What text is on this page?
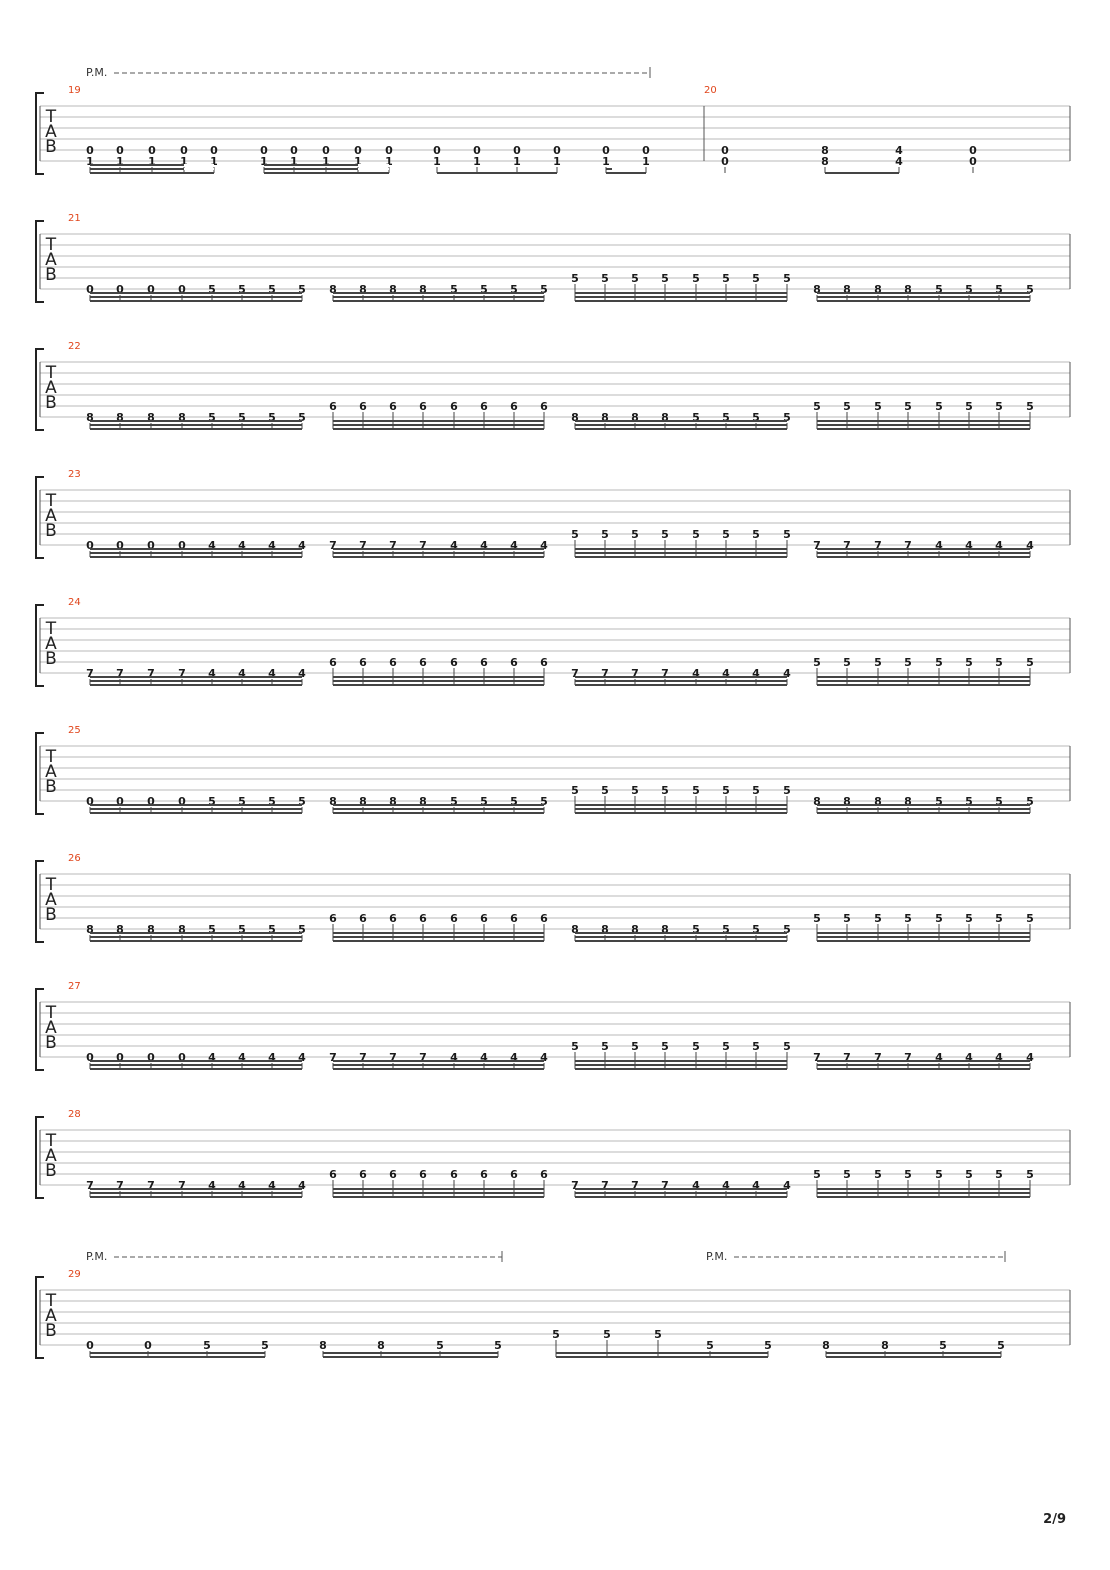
2/9
T
A
B
19	20
P.M.
0
1
0
1
0
1
0
1
0
1
0
1
0
1
0
1
0
1
0
1
0
1
0
1
0
1
0
1
0
1
0
1
0
0
8
8
4
4
0
0
T
A
B
21
0 0 0 0 5 5 5 5 8 8 8 8 5 5 5 5
5 5 5 5 5 5 5 5
8 8 8 8 5 5 5 5
T
A
B
22
8 8 8 8 5 5 5 5
6 6 6 6 6 6 6 6
8 8 8 8 5 5 5 5
5 5 5 5 5 5 5 5
T
A
B
23
0 0 0 0 4 4 4 4 7 7 7 7 4 4 4 4
5 5 5 5 5 5 5 5
7 7 7 7 4 4 4 4
T
A
B
24
7 7 7 7 4 4 4 4
6 6 6 6 6 6 6 6
7 7 7 7 4 4 4 4
5 5 5 5 5 5 5 5
T
A
B
25
0 0 0 0 5 5 5 5 8 8 8 8 5 5 5 5
5 5 5 5 5 5 5 5
8 8 8 8 5 5 5 5
T
A
B
26
8 8 8 8 5 5 5 5
6 6 6 6 6 6 6 6
8 8 8 8 5 5 5 5
5 5 5 5 5 5 5 5
T
A
B
27
0 0 0 0 4 4 4 4 7 7 7 7 4 4 4 4
5 5 5 5 5 5 5 5
7 7 7 7 4 4 4 4
T
A
B
28
7 7 7 7 4 4 4 4
6 6 6 6 6 6 6 6
7 7 7 7 4 4 4 4
5 5 5 5 5 5 5 5
T
A
B
29
P.M.	P.M.
0	0	5	5	8	8	5	5
5	5	5
5	5	8	8	5	5
